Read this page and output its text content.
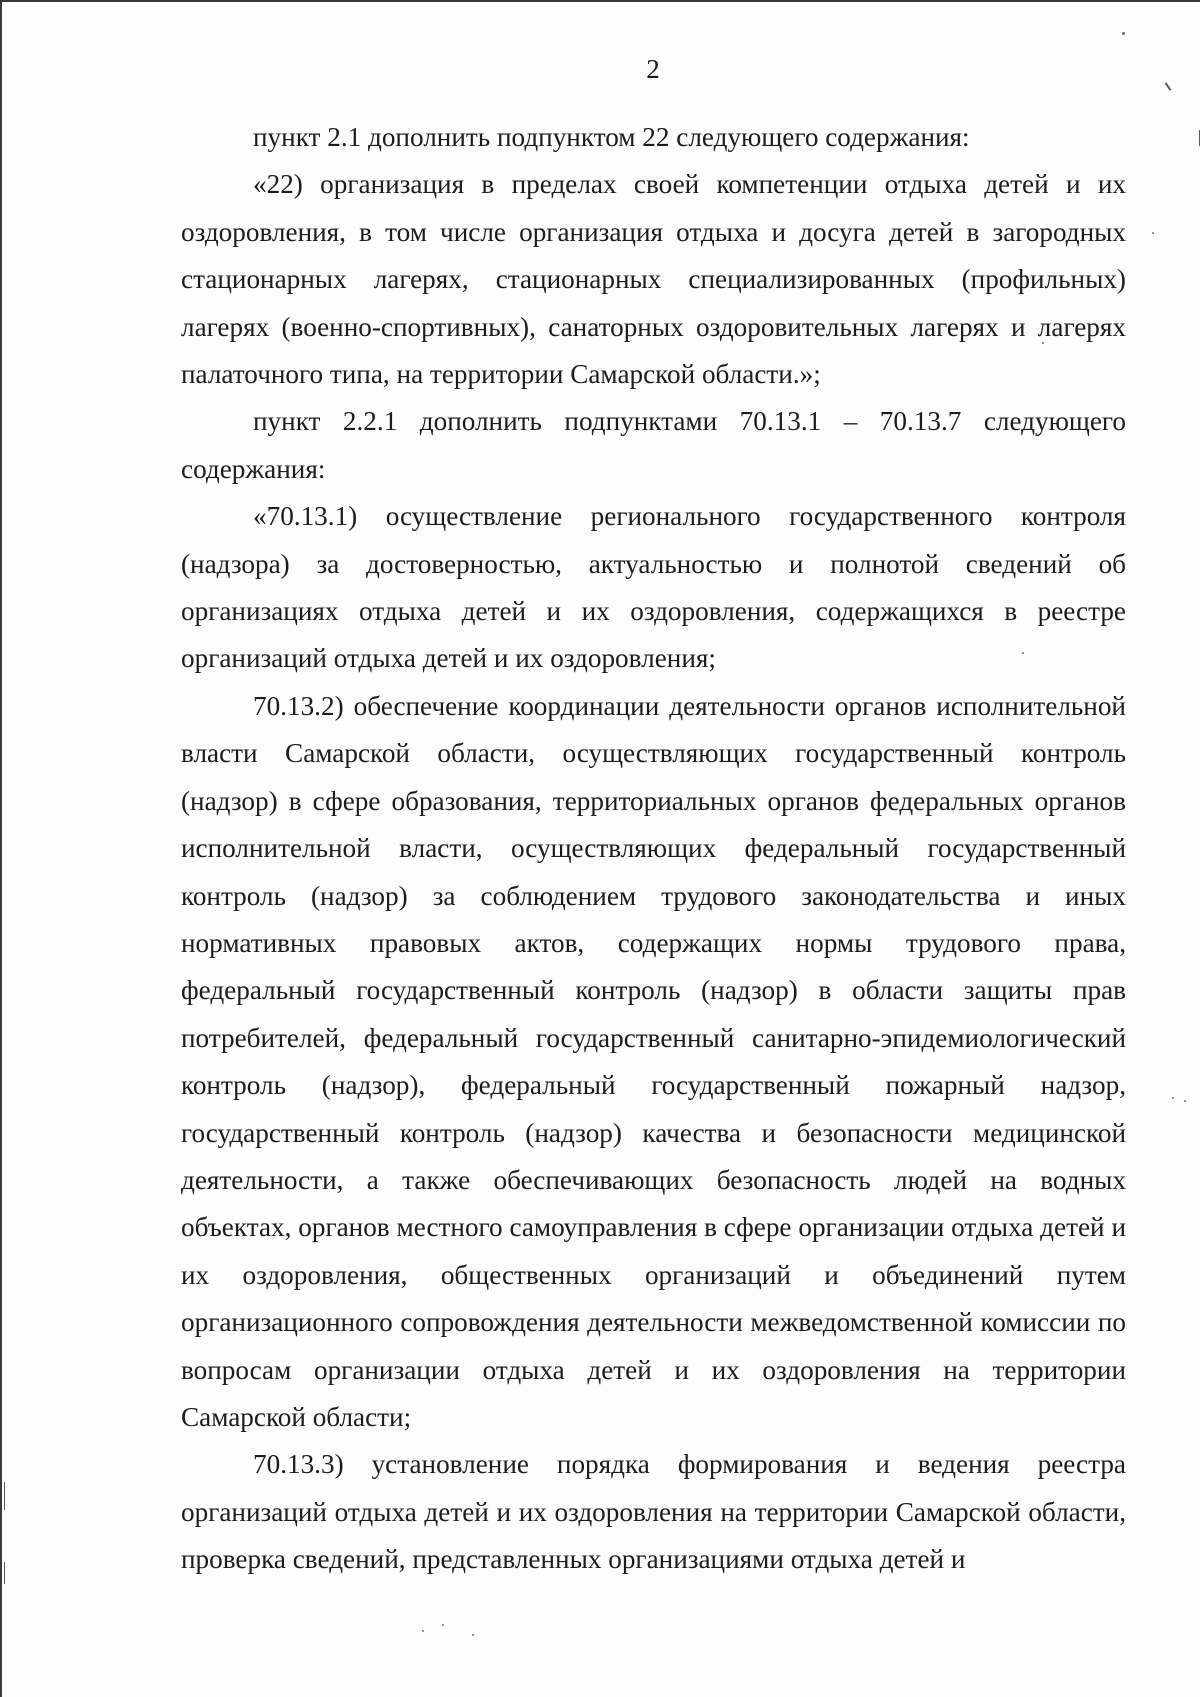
2

пункт 2.1 дополнить подпунктом 22 следующего содержания:

«22) организация в пределах своей компетенции отдыха детей и их оздоровления, в том числе организация отдыха и досуга детей в загородных стационарных лагерях, стационарных специализированных (профильных) лагерях (военно-спортивных), санаторных оздоровительных лагерях и лагерях палаточного типа, на территории Самарской области.»;

пункт 2.2.1 дополнить подпунктами 70.13.1 – 70.13.7 следующего содержания:

«70.13.1) осуществление регионального государственного контроля (надзора) за достоверностью, актуальностью и полнотой сведений об организациях отдыха детей и их оздоровления, содержащихся в реестре организаций отдыха детей и их оздоровления;

70.13.2) обеспечение координации деятельности органов исполнительной власти Самарской области, осуществляющих государственный контроль (надзор) в сфере образования, территориальных органов федеральных органов исполнительной власти, осуществляющих федеральный государственный контроль (надзор) за соблюдением трудового законодательства и иных нормативных правовых актов, содержащих нормы трудового права, федеральный государственный контроль (надзор) в области защиты прав потребителей, федеральный государственный санитарно-эпидемиологический контроль (надзор), федеральный государственный пожарный надзор, государственный контроль (надзор) качества и безопасности медицинской деятельности, а также обеспечивающих безопасность людей на водных объектах, органов местного самоуправления в сфере организации отдыха детей и их оздоровления, общественных организаций и объединений путем организационного сопровождения деятельности межведомственной комиссии по вопросам организации отдыха детей и их оздоровления на территории Самарской области;

70.13.3) установление порядка формирования и ведения реестра организаций отдыха детей и их оздоровления на территории Самарской области, проверка сведений, представленных организациями отдыха детей и
